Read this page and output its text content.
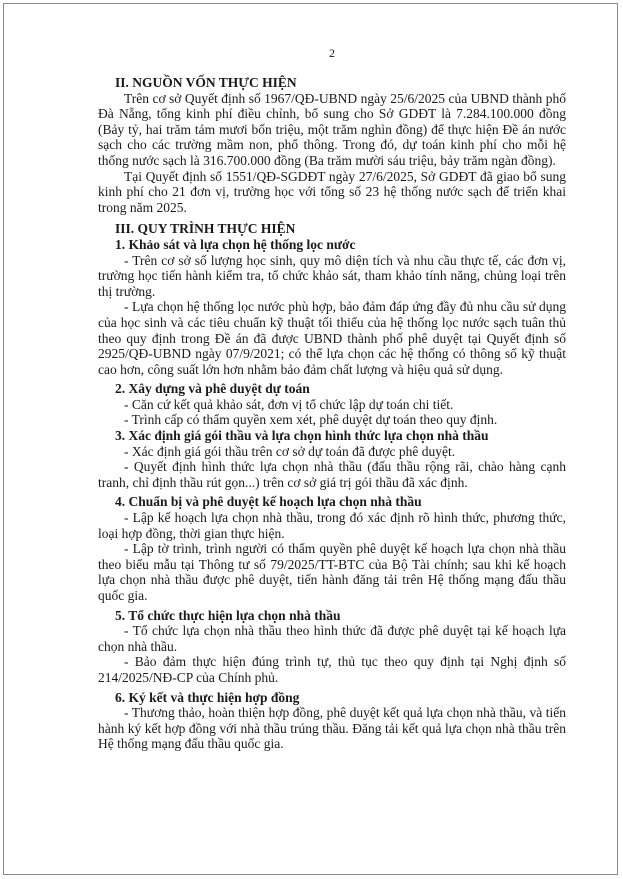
2
II. NGUỒN VỐN THỰC HIỆN
Trên cơ sở Quyết định số 1967/QĐ-UBND ngày 25/6/2025 của UBND thành phố Đà Nẵng, tổng kinh phí điều chỉnh, bổ sung cho Sở GDĐT là 7.284.100.000 đồng (Bảy tỷ, hai trăm tám mươi bốn triệu, một trăm nghìn đồng) để thực hiện Đề án nước sạch cho các trường mầm non, phổ thông. Trong đó, dự toán kinh phí cho mỗi hệ thống nước sạch là 316.700.000 đồng (Ba trăm mười sáu triệu, bảy trăm ngàn đồng).
Tại Quyết định số 1551/QĐ-SGDĐT ngày 27/6/2025, Sở GDĐT đã giao bổ sung kinh phí cho 21 đơn vị, trường học với tổng số 23 hệ thống nước sạch để triển khai trong năm 2025.
III. QUY TRÌNH THỰC HIỆN
1. Khảo sát và lựa chọn hệ thống lọc nước
- Trên cơ sở số lượng học sinh, quy mô diện tích và nhu cầu thực tế, các đơn vị, trường học tiến hành kiểm tra, tổ chức khảo sát, tham khảo tính năng, chủng loại trên thị trường.
- Lựa chọn hệ thống lọc nước phù hợp, bảo đảm đáp ứng đầy đủ nhu cầu sử dụng của học sinh và các tiêu chuẩn kỹ thuật tối thiểu của hệ thống lọc nước sạch tuân thủ theo quy định trong Đề án đã được UBND thành phố phê duyệt tại Quyết định số 2925/QĐ-UBND ngày 07/9/2021; có thể lựa chọn các hệ thống có thông số kỹ thuật cao hơn, công suất lớn hơn nhằm bảo đảm chất lượng và hiệu quả sử dụng.
2. Xây dựng và phê duyệt dự toán
- Căn cứ kết quả khảo sát, đơn vị tổ chức lập dự toán chi tiết.
- Trình cấp có thẩm quyền xem xét, phê duyệt dự toán theo quy định.
3. Xác định giá gói thầu và lựa chọn hình thức lựa chọn nhà thầu
- Xác định giá gói thầu trên cơ sở dự toán đã được phê duyệt.
- Quyết định hình thức lựa chọn nhà thầu (đấu thầu rộng rãi, chào hàng cạnh tranh, chỉ định thầu rút gọn...) trên cơ sở giá trị gói thầu đã xác định.
4. Chuẩn bị và phê duyệt kế hoạch lựa chọn nhà thầu
- Lập kế hoạch lựa chọn nhà thầu, trong đó xác định rõ hình thức, phương thức, loại hợp đồng, thời gian thực hiện.
- Lập tờ trình, trình người có thẩm quyền phê duyệt kế hoạch lựa chọn nhà thầu theo biểu mẫu tại Thông tư số 79/2025/TT-BTC của Bộ Tài chính; sau khi kế hoạch lựa chọn nhà thầu được phê duyệt, tiến hành đăng tải trên Hệ thống mạng đấu thầu quốc gia.
5. Tổ chức thực hiện lựa chọn nhà thầu
- Tổ chức lựa chọn nhà thầu theo hình thức đã được phê duyệt tại kế hoạch lựa chọn nhà thầu.
- Bảo đảm thực hiện đúng trình tự, thủ tục theo quy định tại Nghị định số 214/2025/NĐ-CP của Chính phủ.
6. Ký kết và thực hiện hợp đồng
- Thương thảo, hoàn thiện hợp đồng, phê duyệt kết quả lựa chọn nhà thầu, và tiến hành ký kết hợp đồng với nhà thầu trúng thầu. Đăng tải kết quả lựa chọn nhà thầu trên Hệ thống mạng đấu thầu quốc gia.
